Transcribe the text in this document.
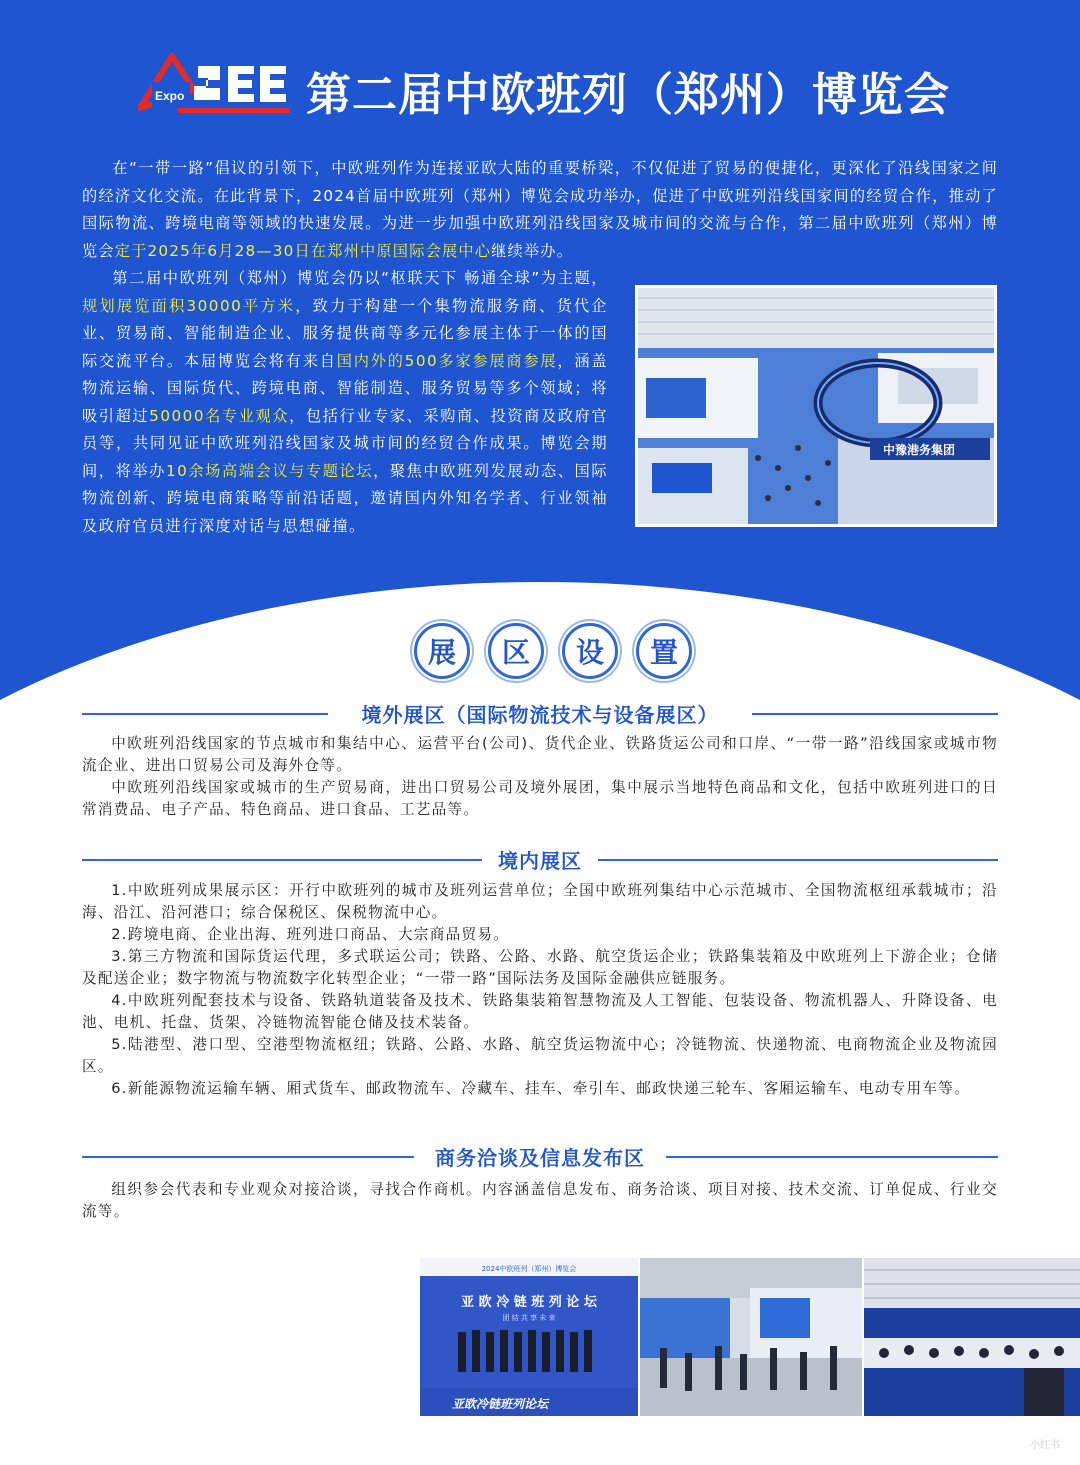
Expo	第二届中欧班列（郑州）博览会

在“一带一路”倡议的引领下，中欧班列作为连接亚欧大陆的重要桥梁，不仅促进了贸易的便捷化，更深化了沿线国家之间的经济文化交流。在此背景下，2024首届中欧班列（郑州）博览会成功举办，促进了中欧班列沿线国家间的经贸合作，推动了国际物流、跨境电商等领域的快速发展。为进一步加强中欧班列沿线国家及城市间的交流与合作，第二届中欧班列（郑州）博览会定于2025年6月28—30日在郑州中原国际会展中心继续举办。

第二届中欧班列（郑州）博览会仍以“枢联天下 畅通全球”为主题，规划展览面积30000平方米，致力于构建一个集物流服务商、货代企业、贸易商、智能制造企业、服务提供商等多元化参展主体于一体的国际交流平台。本届博览会将有来自国内外的500多家参展商参展，涵盖物流运输、国际货代、跨境电商、智能制造、服务贸易等多个领域；将吸引超过50000名专业观众，包括行业专家、采购商、投资商及政府官员等，共同见证中欧班列沿线国家及城市间的经贸合作成果。博览会期间，将举办10余场高端会议与专题论坛，聚焦中欧班列发展动态、国际物流创新、跨境电商策略等前沿话题，邀请国内外知名学者、行业领袖及政府官员进行深度对话与思想碰撞。

中豫港务集团
展	区	设	置
境外展区（国际物流技术与设备展区）

中欧班列沿线国家的节点城市和集结中心、运营平台(公司)、货代企业、铁路货运公司和口岸、“一带一路”沿线国家或城市物流企业、进出口贸易公司及海外仓等。

中欧班列沿线国家或城市的生产贸易商，进出口贸易公司及境外展团，集中展示当地特色商品和文化，包括中欧班列进口的日常消费品、电子产品、特色商品、进口食品、工艺品等。

境内展区

1.中欧班列成果展示区：开行中欧班列的城市及班列运营单位；全国中欧班列集结中心示范城市、全国物流枢纽承载城市；沿海、沿江、沿河港口；综合保税区、保税物流中心。

2.跨境电商、企业出海、班列进口商品、大宗商品贸易。

3.第三方物流和国际货运代理，多式联运公司；铁路、公路、水路、航空货运企业；铁路集装箱及中欧班列上下游企业；仓储及配送企业；数字物流与物流数字化转型企业；“一带一路”国际法务及国际金融供应链服务。

4.中欧班列配套技术与设备、铁路轨道装备及技术、铁路集装箱智慧物流及人工智能、包装设备、物流机器人、升降设备、电池、电机、托盘、货架、冷链物流智能仓储及技术装备。

5.陆港型、港口型、空港型物流枢纽；铁路、公路、水路、航空货运物流中心；冷链物流、快递物流、电商物流企业及物流园区。

6.新能源物流运输车辆、厢式货车、邮政物流车、冷藏车、挂车、牵引车、邮政快递三轮车、客厢运输车、电动专用车等。

商务洽谈及信息发布区

组织参会代表和专业观众对接洽谈，寻找合作商机。内容涵盖信息发布、商务洽谈、项目对接、技术交流、订单促成、行业交流等。

2024中欧班列（郑州）博览会
亚 欧 冷 链 班 列 论 坛
团 结 共 享 未 来
亚欧冷链班列论坛
小红书
